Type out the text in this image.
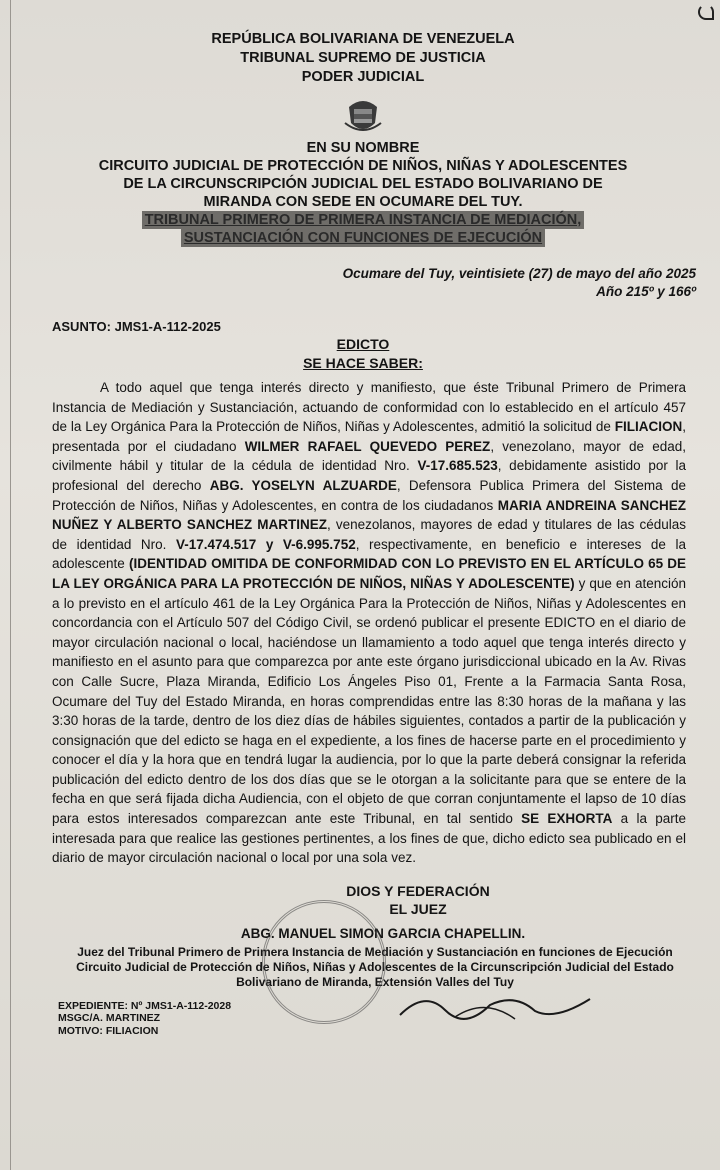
REPÚBLICA BOLIVARIANA DE VENEZUELA
TRIBUNAL SUPREMO DE JUSTICIA
PODER JUDICIAL
EN SU NOMBRE
CIRCUITO JUDICIAL DE PROTECCIÓN DE NIÑOS, NIÑAS Y ADOLESCENTES
DE LA CIRCUNSCRIPCIÓN JUDICIAL DEL ESTADO BOLIVARIANO DE
MIRANDA CON SEDE EN OCUMARE DEL TUY.
TRIBUNAL PRIMERO DE PRIMERA INSTANCIA DE MEDIACIÓN,
SUSTANCIACIÓN CON FUNCIONES DE EJECUCIÓN
Ocumare del Tuy, veintisiete (27) de mayo del año 2025
Año 215º y 166º
ASUNTO: JMS1-A-112-2025
EDICTO
SE HACE SABER:

A todo aquel que tenga interés directo y manifiesto, que éste Tribunal Primero de Primera Instancia de Mediación y Sustanciación, actuando de conformidad con lo establecido en el artículo 457 de la Ley Orgánica Para la Protección de Niños, Niñas y Adolescentes, admitió la solicitud de FILIACION, presentada por el ciudadano WILMER RAFAEL QUEVEDO PEREZ, venezolano, mayor de edad, civilmente hábil y titular de la cédula de identidad Nro. V-17.685.523, debidamente asistido por la profesional del derecho ABG. YOSELYN ALZUARDE, Defensora Publica Primera del Sistema de Protección de Niños, Niñas y Adolescentes, en contra de los ciudadanos MARIA ANDREINA SANCHEZ NUÑEZ Y ALBERTO SANCHEZ MARTINEZ, venezolanos, mayores de edad y titulares de las cédulas de identidad Nro. V-17.474.517 y V-6.995.752, respectivamente, en beneficio e intereses de la adolescente (IDENTIDAD OMITIDA DE CONFORMIDAD CON LO PREVISTO EN EL ARTÍCULO 65 DE LA LEY ORGÁNICA PARA LA PROTECCIÓN DE NIÑOS, NIÑAS Y ADOLESCENTE) y que en atención a lo previsto en el artículo 461 de la Ley Orgánica Para la Protección de Niños, Niñas y Adolescentes en concordancia con el Artículo 507 del Código Civil, se ordenó publicar el presente EDICTO en el diario de mayor circulación nacional o local, haciéndose un llamamiento a todo aquel que tenga interés directo y manifiesto en el asunto para que comparezca por ante este órgano jurisdiccional ubicado en la Av. Rivas con Calle Sucre, Plaza Miranda, Edificio Los Ángeles Piso 01, Frente a la Farmacia Santa Rosa, Ocumare del Tuy del Estado Miranda, en horas comprendidas entre las 8:30 horas de la mañana y las 3:30 horas de la tarde, dentro de los diez días de hábiles siguientes, contados a partir de la publicación y consignación que del edicto se haga en el expediente, a los fines de hacerse parte en el procedimiento y conocer el día y la hora que en tendrá lugar la audiencia, por lo que la parte deberá consignar la referida publicación del edicto dentro de los dos días que se le otorgan a la solicitante para que se entere de la fecha en que será fijada dicha Audiencia, con el objeto de que corran conjuntamente el lapso de 10 días para estos interesados comparezcan ante este Tribunal, en tal sentido SE EXHORTA a la parte interesada para que realice las gestiones pertinentes, a los fines de que, dicho edicto sea publicado en el diario de mayor circulación nacional o local por una sola vez.

DIOS Y FEDERACIÓN
EL JUEZ
ABG. MANUEL SIMON GARCIA CHAPELLIN.
Juez del Tribunal Primero de Primera Instancia de Mediación y Sustanciación en funciones de Ejecución Circuito Judicial de Protección de Niños, Niñas y Adolescentes de la Circunscripción Judicial del Estado Bolivariano de Miranda, Extensión Valles del Tuy
EXPEDIENTE: Nº JMS1-A-112-2028
MSGC/A. MARTINEZ
MOTIVO: FILIACION
